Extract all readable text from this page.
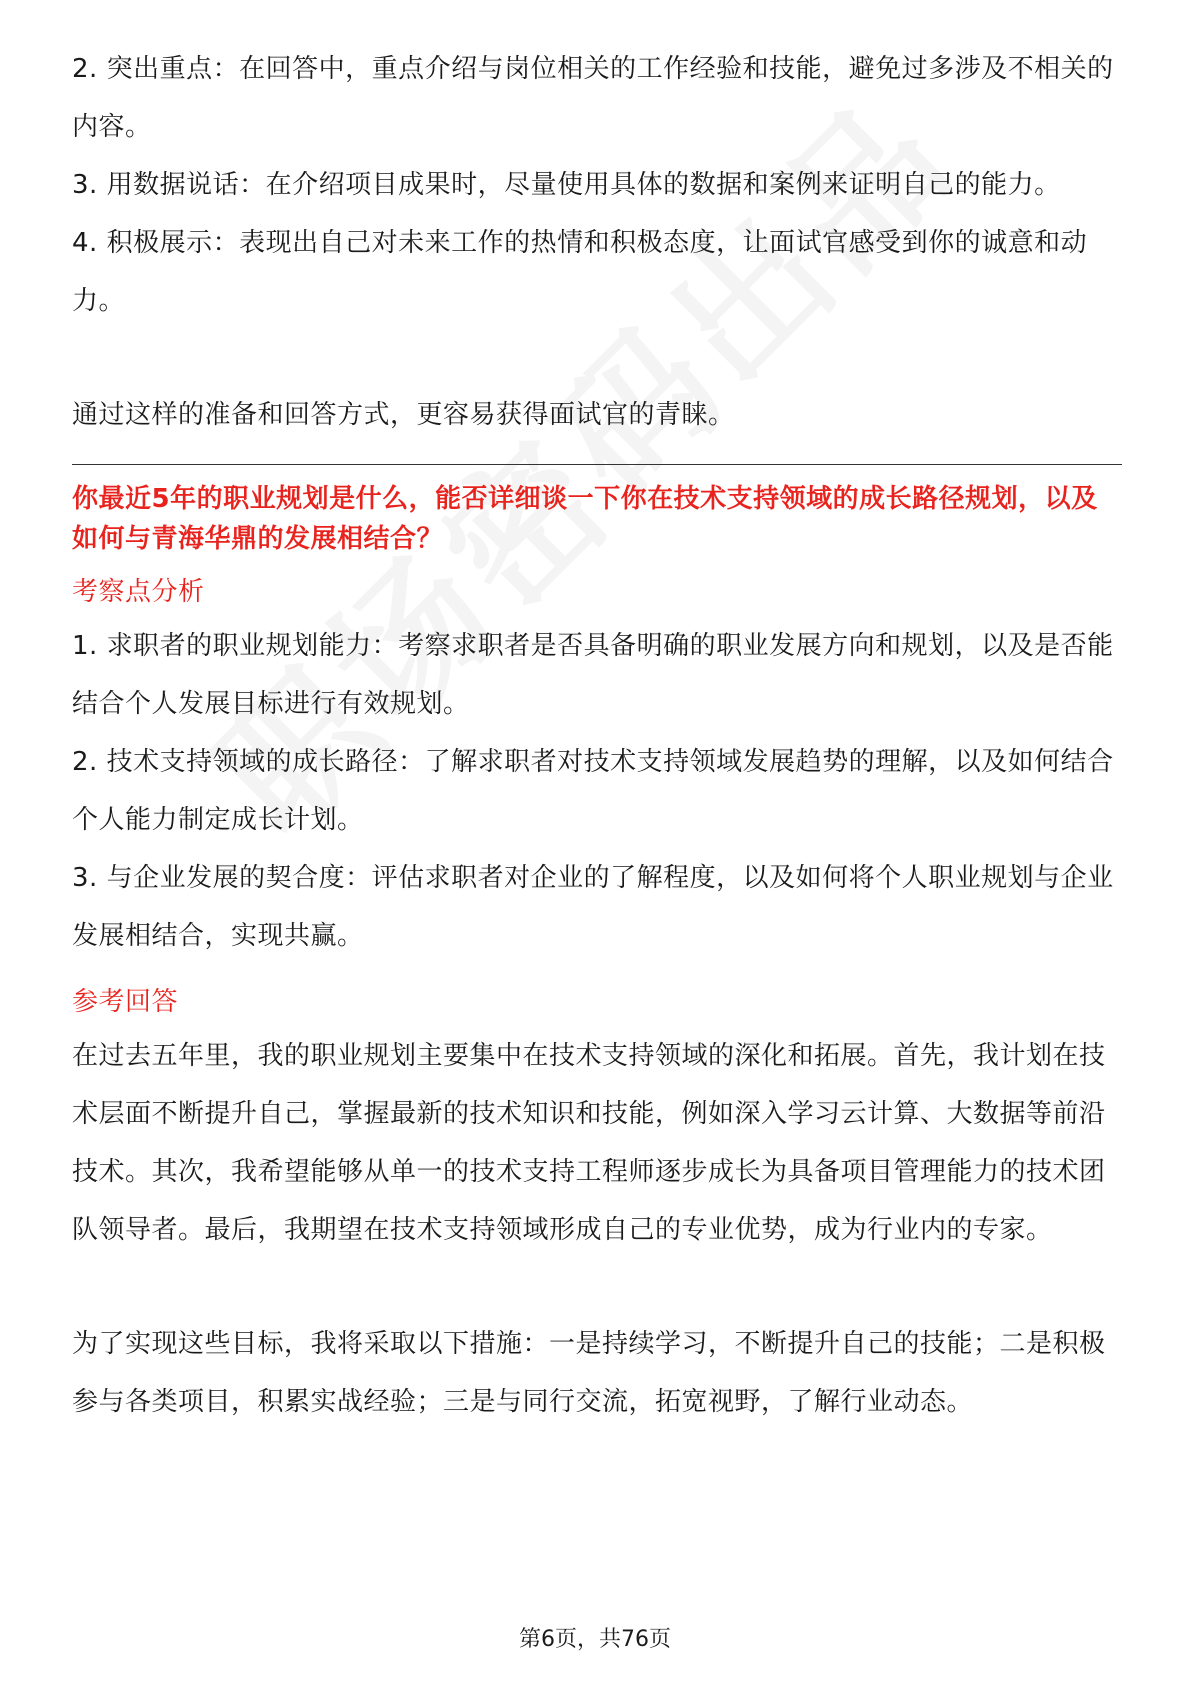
2. 突出重点：在回答中，重点介绍与岗位相关的工作经验和技能，避免过多涉及不相关的内容。

3. 用数据说话：在介绍项目成果时，尽量使用具体的数据和案例来证明自己的能力。

4. 积极展示：表现出自己对未来工作的热情和积极态度，让面试官感受到你的诚意和动力。

通过这样的准备和回答方式，更容易获得面试官的青睐。

你最近5年的职业规划是什么，能否详细谈一下你在技术支持领域的成长路径规划，以及如何与青海华鼎的发展相结合？

考察点分析

1. 求职者的职业规划能力：考察求职者是否具备明确的职业发展方向和规划，以及是否能结合个人发展目标进行有效规划。

2. 技术支持领域的成长路径：了解求职者对技术支持领域发展趋势的理解，以及如何结合个人能力制定成长计划。

3. 与企业发展的契合度：评估求职者对企业的了解程度，以及如何将个人职业规划与企业发展相结合，实现共赢。

参考回答

在过去五年里，我的职业规划主要集中在技术支持领域的深化和拓展。首先，我计划在技术层面不断提升自己，掌握最新的技术知识和技能，例如深入学习云计算、大数据等前沿技术。其次，我希望能够从单一的技术支持工程师逐步成长为具备项目管理能力的技术团队领导者。最后，我期望在技术支持领域形成自己的专业优势，成为行业内的专家。

为了实现这些目标，我将采取以下措施：一是持续学习，不断提升自己的技能；二是积极参与各类项目，积累实战经验；三是与同行交流，拓宽视野，了解行业动态。

第6页，共76页
